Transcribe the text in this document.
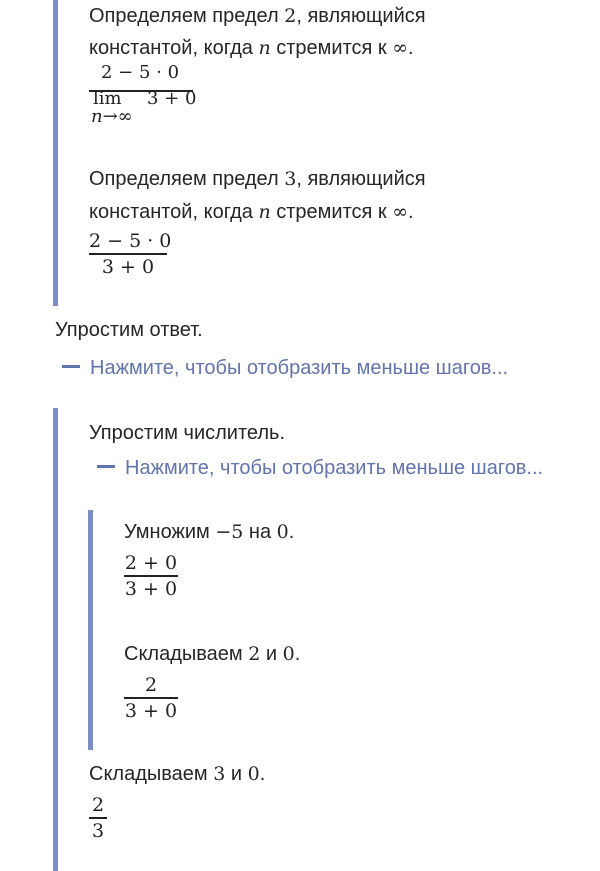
Определяем предел 2, являющийся
константой, когда n стремится к ∞.
2 − 5 · 0
lim 3 + 0
n→∞
Определяем предел 3, являющийся
константой, когда n стремится к ∞.
2 − 5 · 0
3 + 0
Упростим ответ.
Нажмите, чтобы отобразить меньше шагов...
Упростим числитель.
Нажмите, чтобы отобразить меньше шагов...
Умножим −5 на 0.
2 + 0
3 + 0
Складываем 2 и 0.
2
3 + 0
Складываем 3 и 0.
2
3
